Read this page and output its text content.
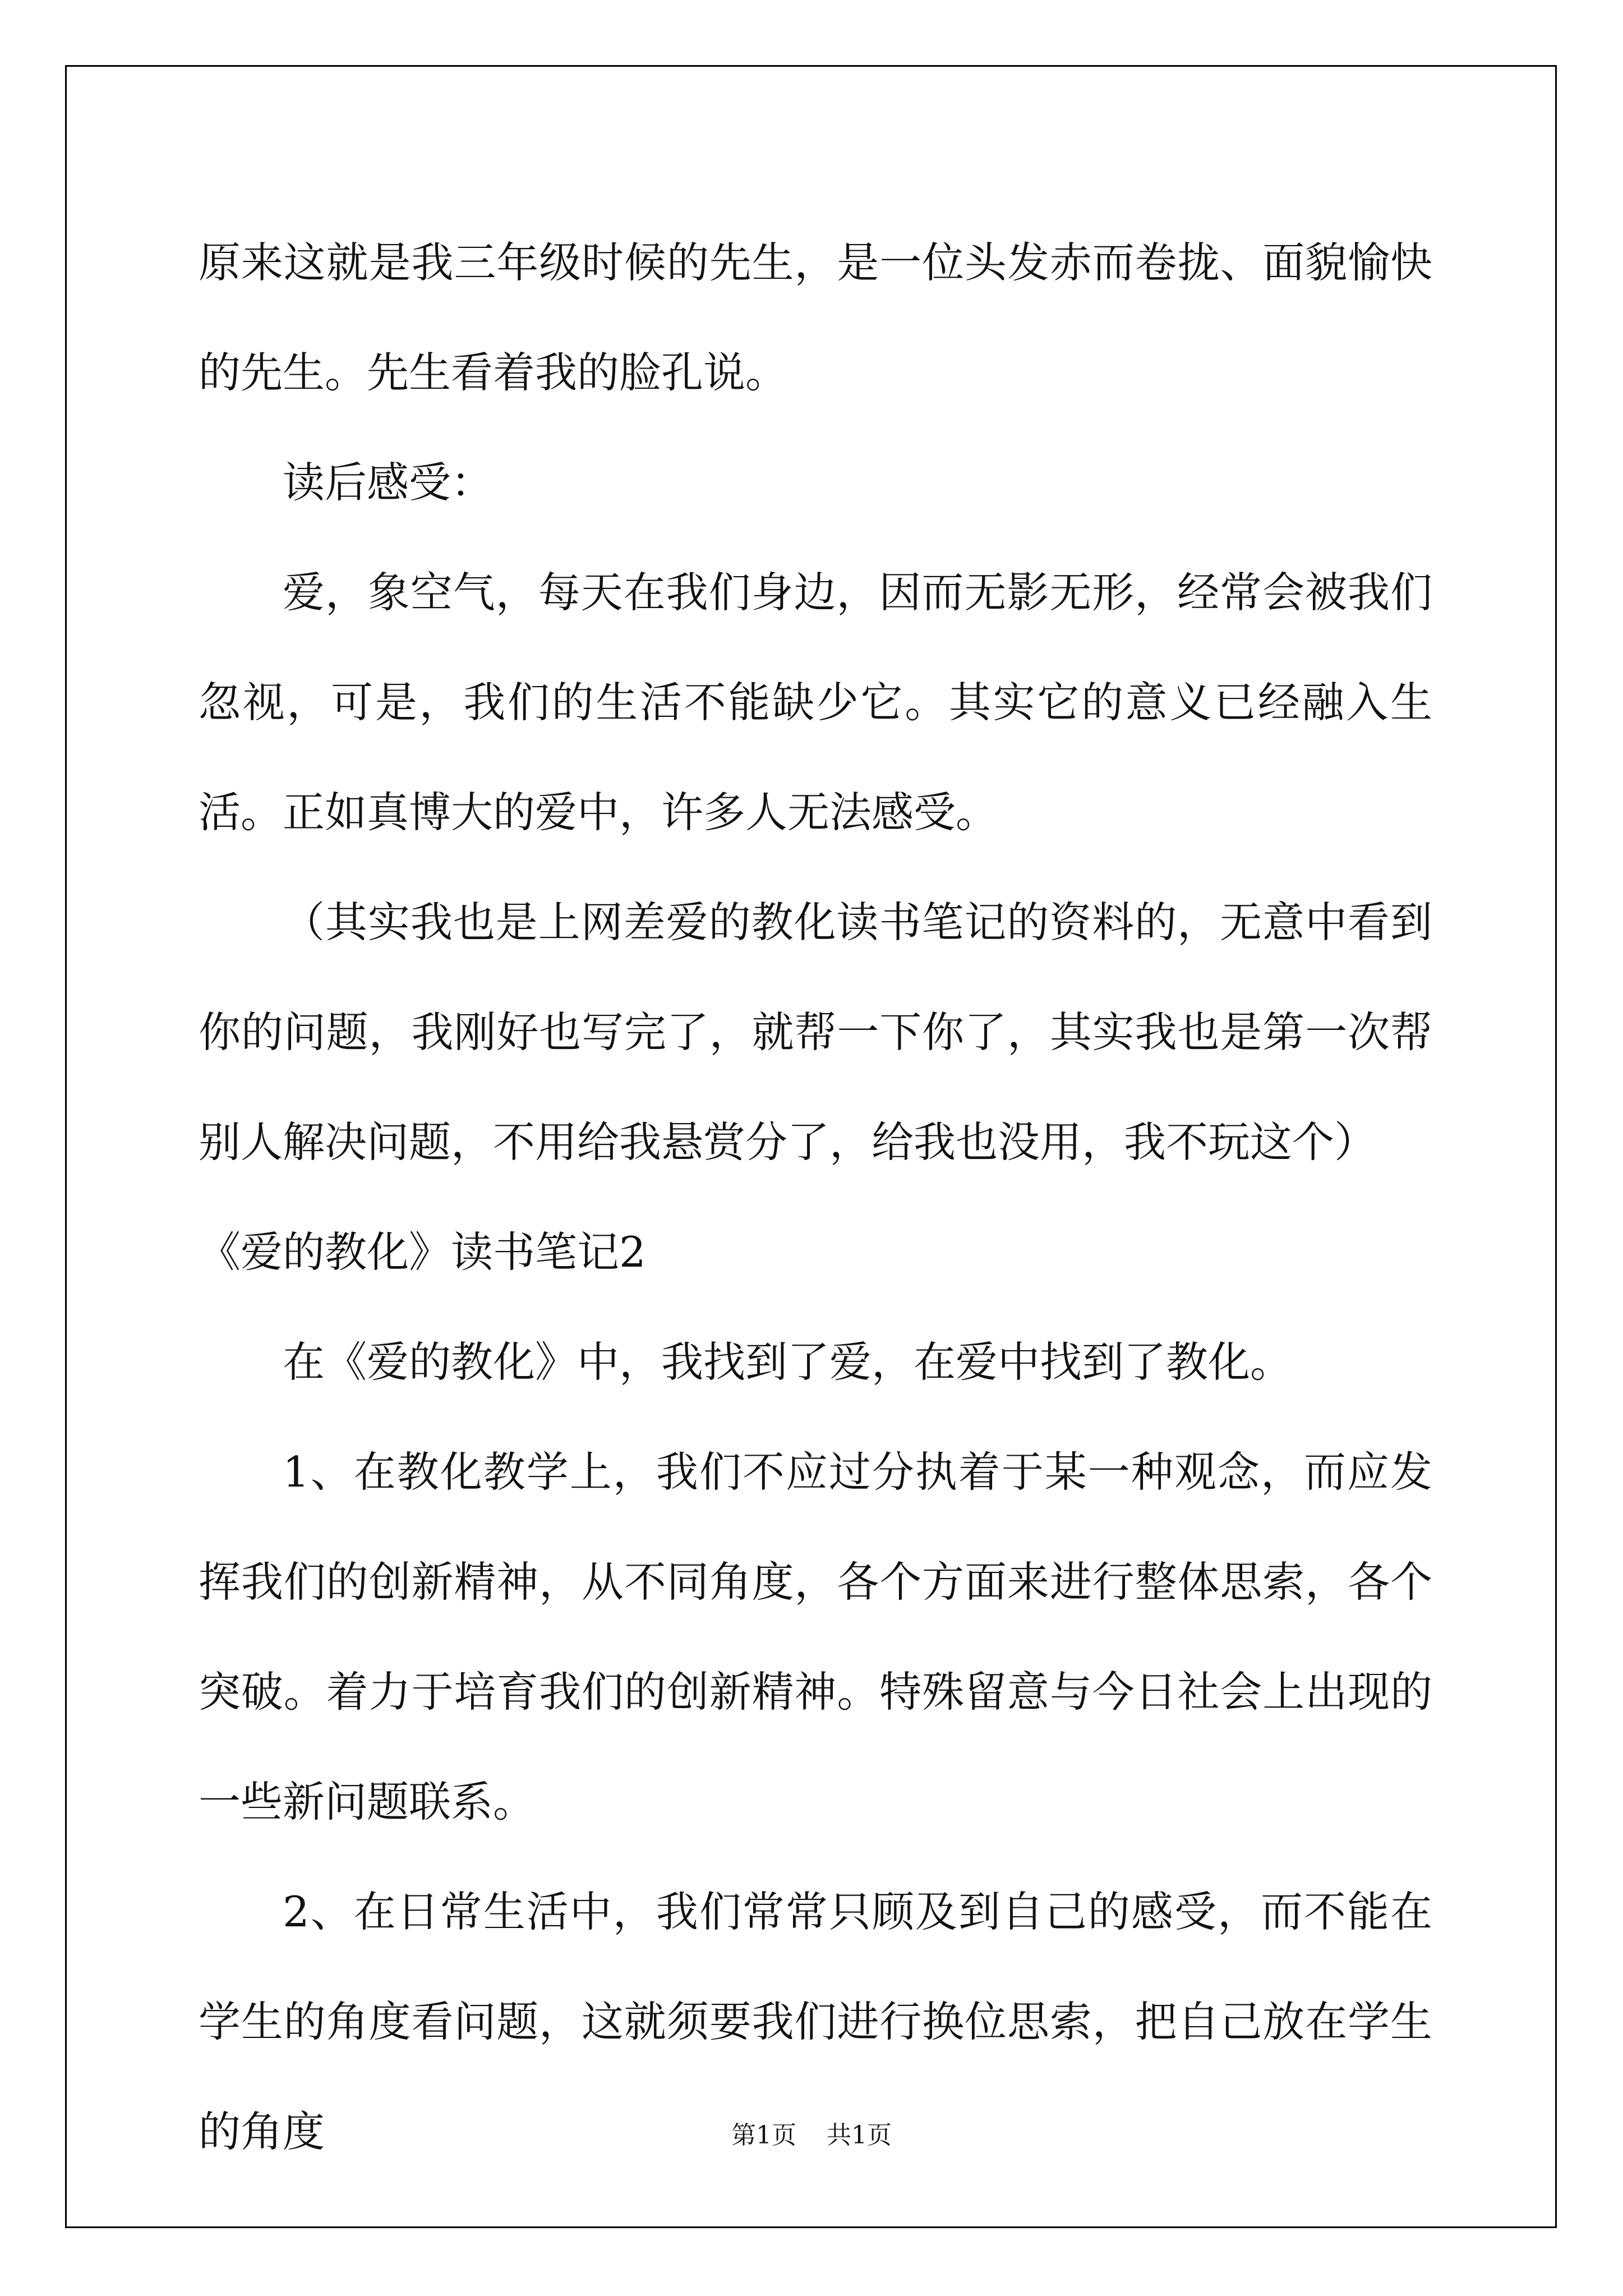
原来这就是我三年级时候的先生，是一位头发赤而卷拢、面貌愉快的先生。先生看着我的脸孔说。

读后感受：

爱，象空气，每天在我们身边，因而无影无形，经常会被我们忽视，可是，我们的生活不能缺少它。其实它的意义已经融入生活。正如真博大的爱中，许多人无法感受。

（其实我也是上网差爱的教化读书笔记的资料的，无意中看到你的问题，我刚好也写完了，就帮一下你了，其实我也是第一次帮别人解决问题，不用给我悬赏分了，给我也没用，我不玩这个）

《爱的教化》读书笔记2

在《爱的教化》中，我找到了爱，在爱中找到了教化。

1、在教化教学上，我们不应过分执着于某一种观念，而应发挥我们的创新精神，从不同角度，各个方面来进行整体思索，各个突破。着力于培育我们的创新精神。特殊留意与今日社会上出现的一些新问题联系。

2、在日常生活中，我们常常只顾及到自己的感受，而不能在学生的角度看问题，这就须要我们进行换位思索，把自己放在学生的角度	第1页 共1页
